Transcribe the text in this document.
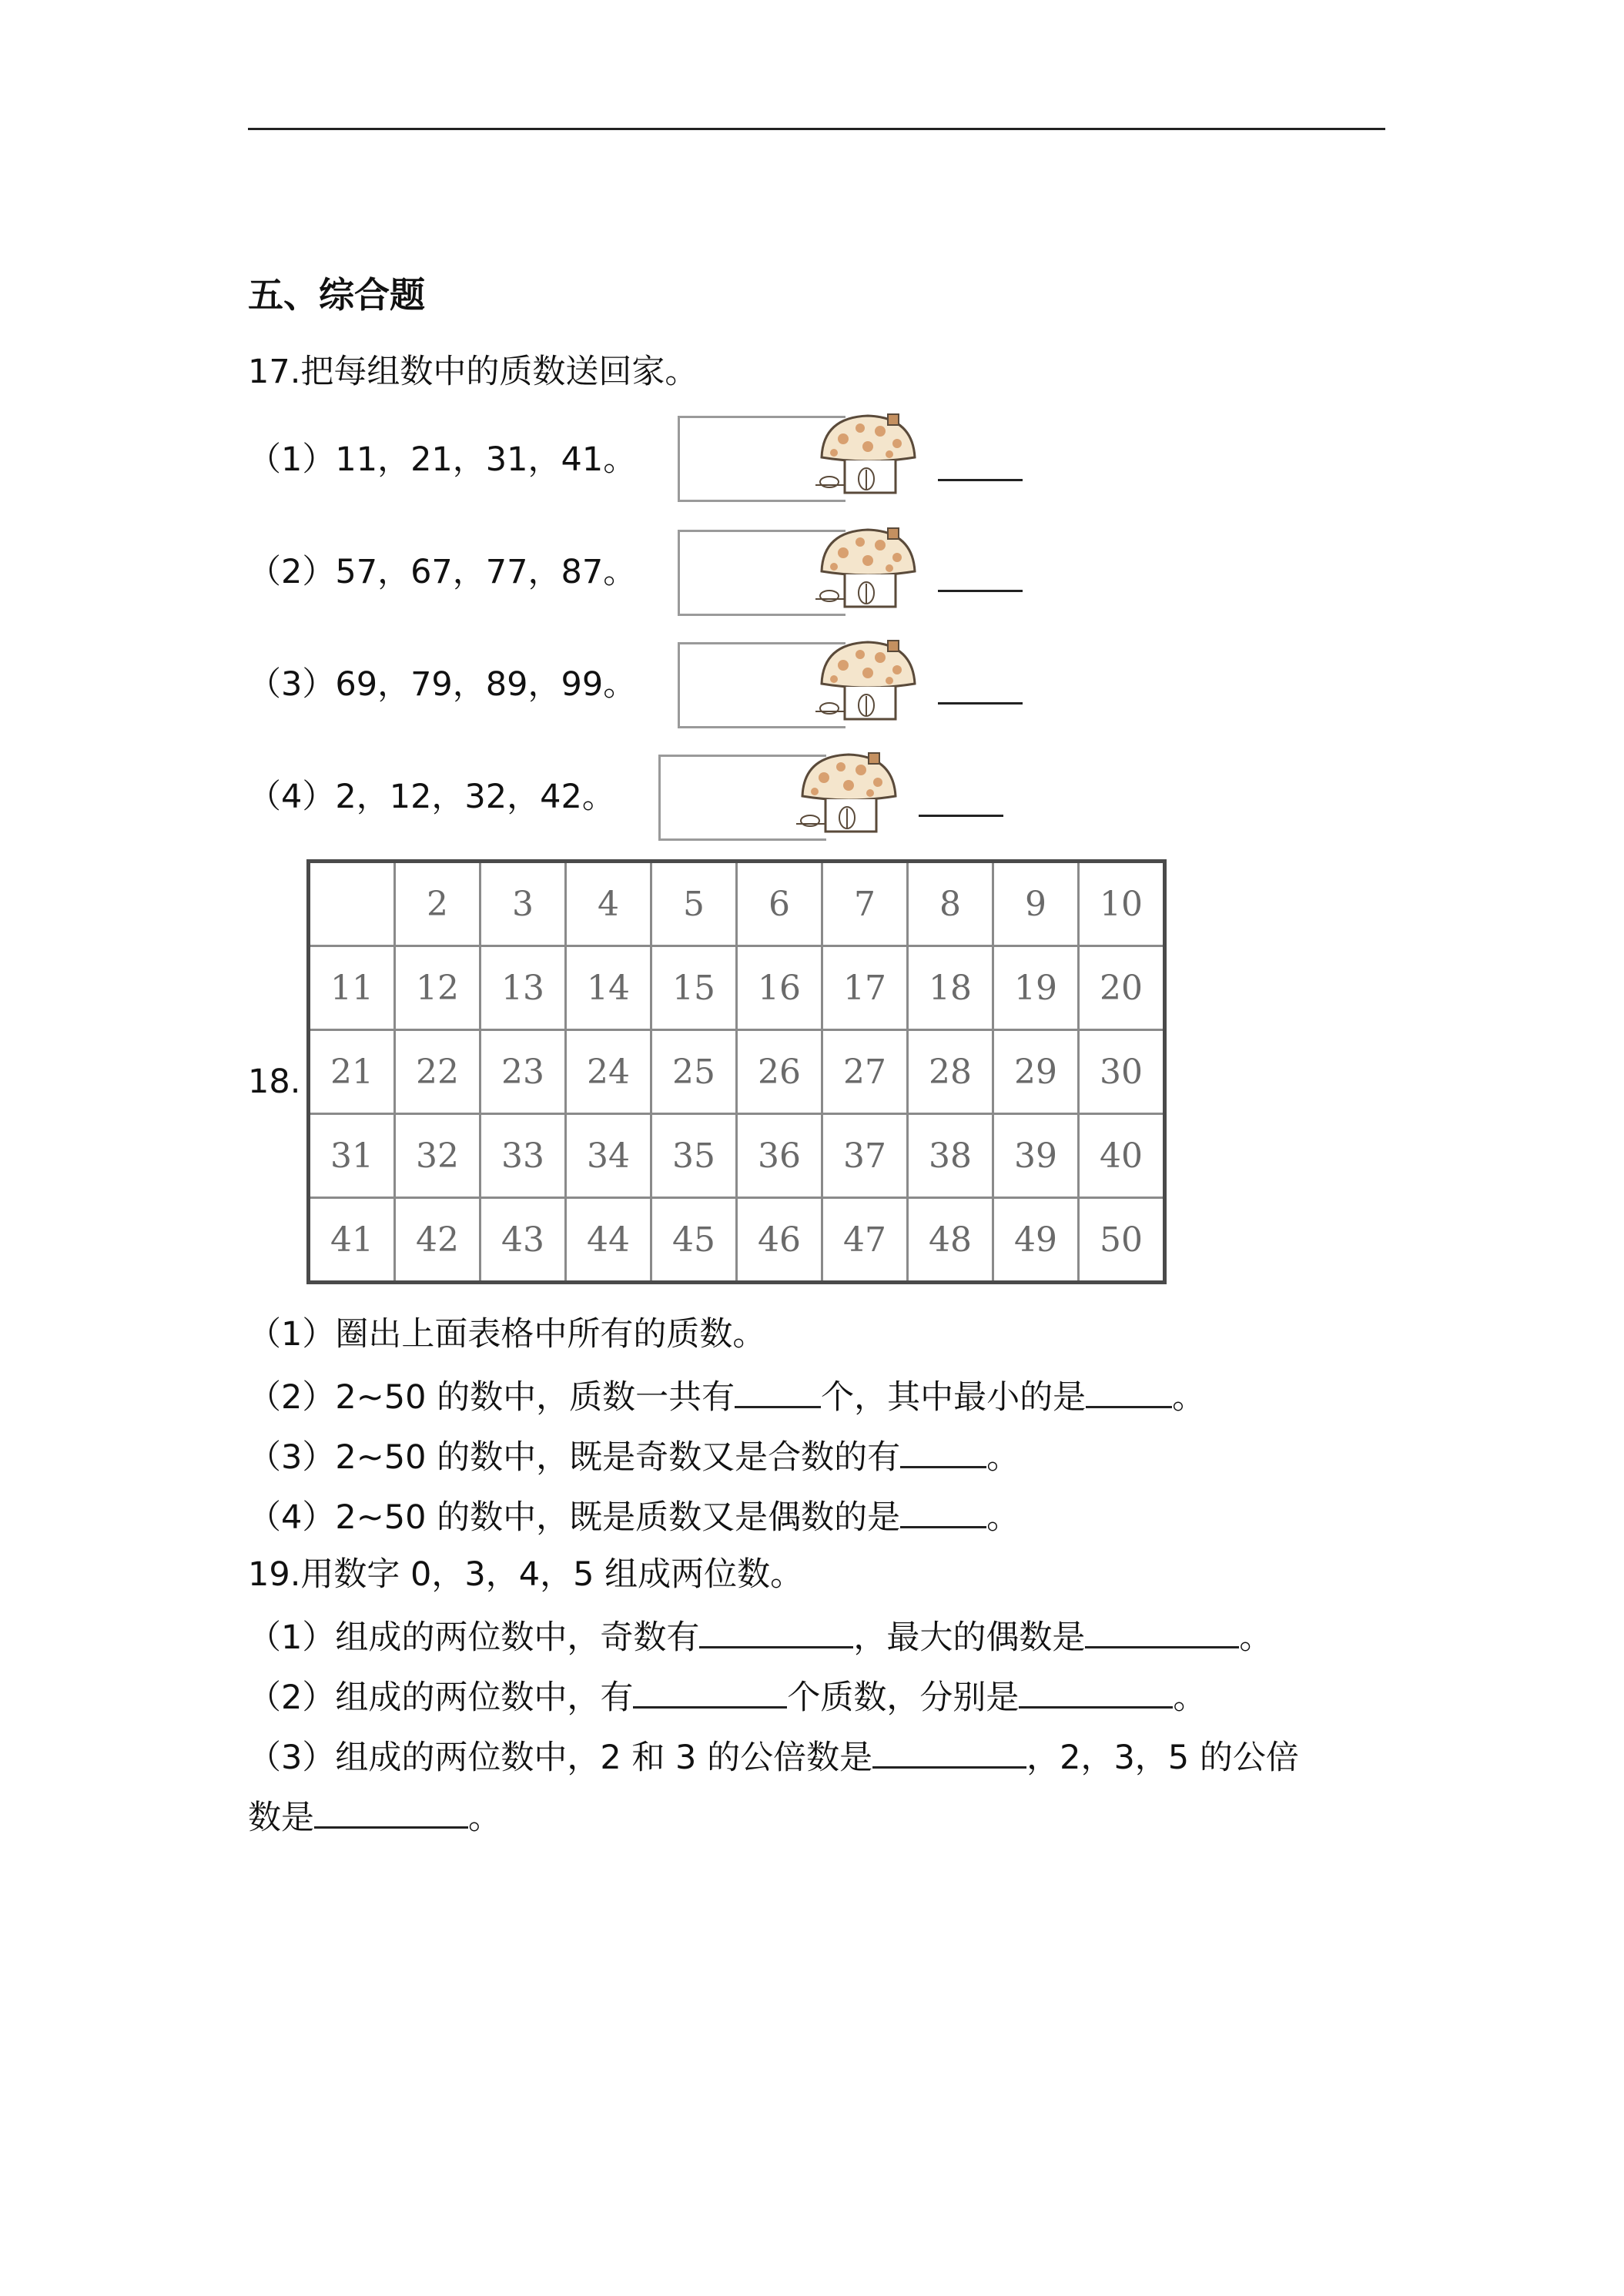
五、综合题
17.把每组数中的质数送回家。
（1）11，21，31，41。
（2）57，67，77，87。
（3）69，79，89，99。
（4）2，12，32，42。
18.
	2	3	4	5	6	7	8	9	10
11	12	13	14	15	16	17	18	19	20
21	22	23	24	25	26	27	28	29	30
31	32	33	34	35	36	37	38	39	40
41	42	43	44	45	46	47	48	49	50
（1）圈出上面表格中所有的质数。
（2）2~50 的数中，质数一共有	个，其中最小的是	。
（3）2~50 的数中，既是奇数又是合数的有	。
（4）2~50 的数中，既是质数又是偶数的是	。
19.用数字 0，3，4，5 组成两位数。
（1）组成的两位数中，奇数有	，最大的偶数是	。
（2）组成的两位数中，有	个质数，分别是	。
（3）组成的两位数中，2 和 3 的公倍数是	，2，3，5 的公倍
数是	。
